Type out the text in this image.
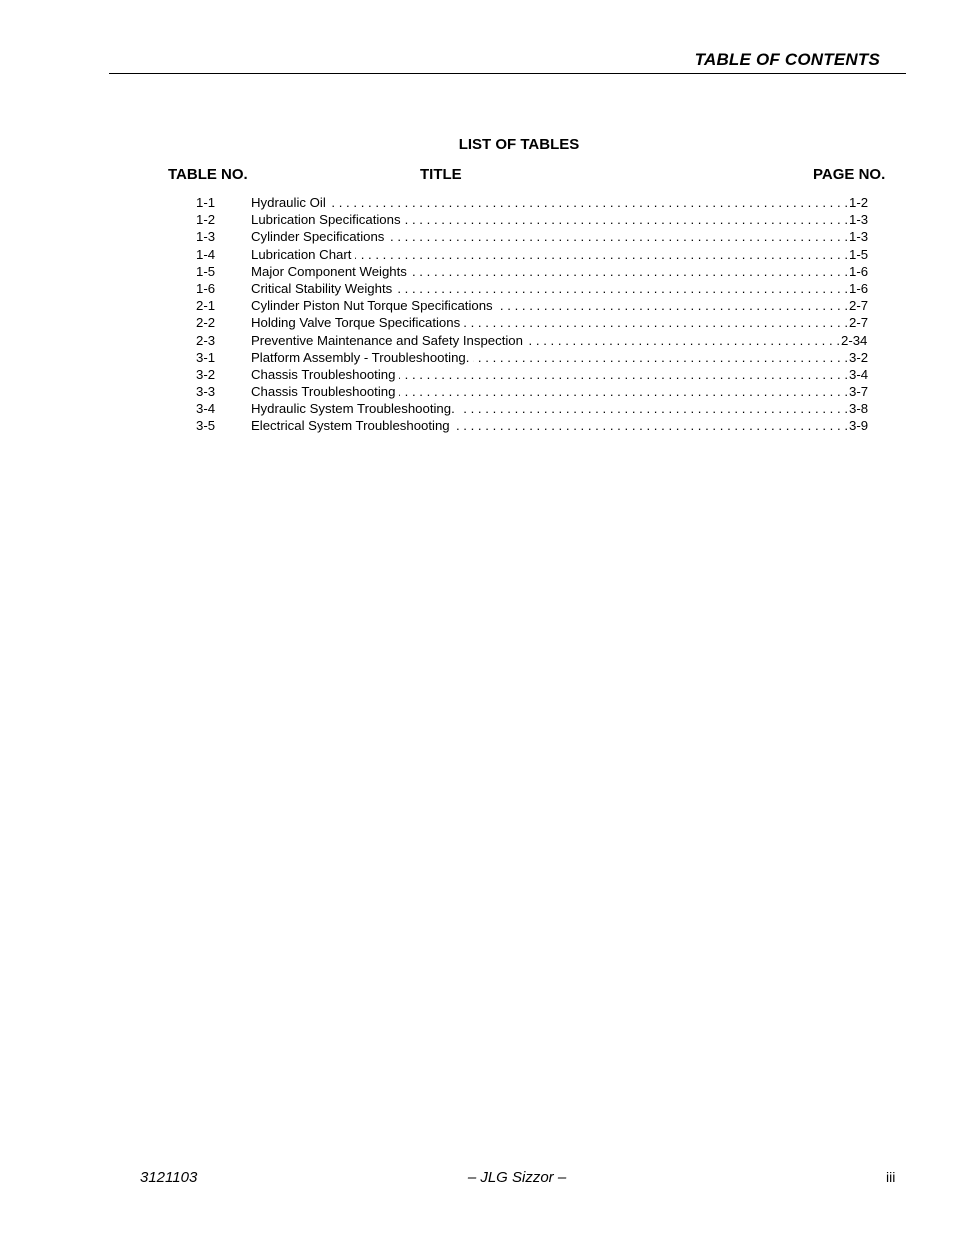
TABLE OF CONTENTS
LIST OF TABLES
TABLE NO.	TITLE	PAGE NO.
1-1	Hydraulic Oil . . .	1-2
1-2	Lubrication Specifications . . .	1-3
1-3	Cylinder Specifications . . .	1-3
1-4	Lubrication Chart . . .	1-5
1-5	Major Component Weights . . .	1-6
1-6	Critical Stability Weights . . .	1-6
2-1	Cylinder Piston Nut Torque Specifications . . .	2-7
2-2	Holding Valve Torque Specifications . . .	2-7
2-3	Preventive Maintenance and Safety Inspection . . .	2-34
3-1	Platform Assembly - Troubleshooting. . . .	3-2
3-2	Chassis Troubleshooting . . .	3-4
3-3	Chassis Troubleshooting . . .	3-7
3-4	Hydraulic System Troubleshooting. . . .	3-8
3-5	Electrical System Troubleshooting . . .	3-9
3121103	– JLG Sizzor –	iii
